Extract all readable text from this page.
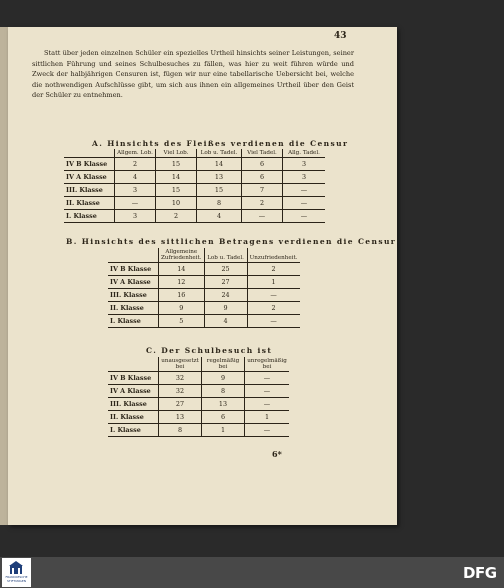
43
Statt über jeden einzelnen Schüler ein spezielles Urtheil hinsichts seiner Leistungen, seiner sittlichen Führung und seines Schulbesuches zu fällen, was hier zu weit führen würde und Zweck der halbjährigen Censuren ist, fügen wir nur eine tabellarische Uebersicht bei, welche die nothwendigen Aufschlüsse gibt, um sich aus ihnen ein allgemeines Urtheil über den Geist der Schüler zu entnehmen.
A. Hinsichts des Fleißes verdienen die Censur
	Allgem. Lob.	Viel Lob.	Lob u. Tadel.	Viel Tadel.	Allg. Tadel.
IV B Klasse	2	15	14	6	3
IV A Klasse	4	14	13	6	3
III. Klasse	3	15	15	7	—
II. Klasse	—	10	8	2	—
I. Klasse	3	2	4	—	—
B. Hinsichts des sittlichen Betragens verdienen die Censur
	Allgemeine Zufriedenheit.	Lob u. Tadel.	Unzufriedenheit.
IV B Klasse	14	25	2
IV A Klasse	12	27	1
III. Klasse	16	24	—
II. Klasse	9	9	2
I. Klasse	5	4	—
C. Der Schulbesuch ist
	unausgesetzt bei	regelmäßig bei	unregelmäßig bei
IV B Klasse	32	9	—
IV A Klasse	32	8	—
III. Klasse	27	13	—
II. Klasse	13	6	1
I. Klasse	8	1	—
6*
FRANCKESCHE STIFTUNGEN	DFG
